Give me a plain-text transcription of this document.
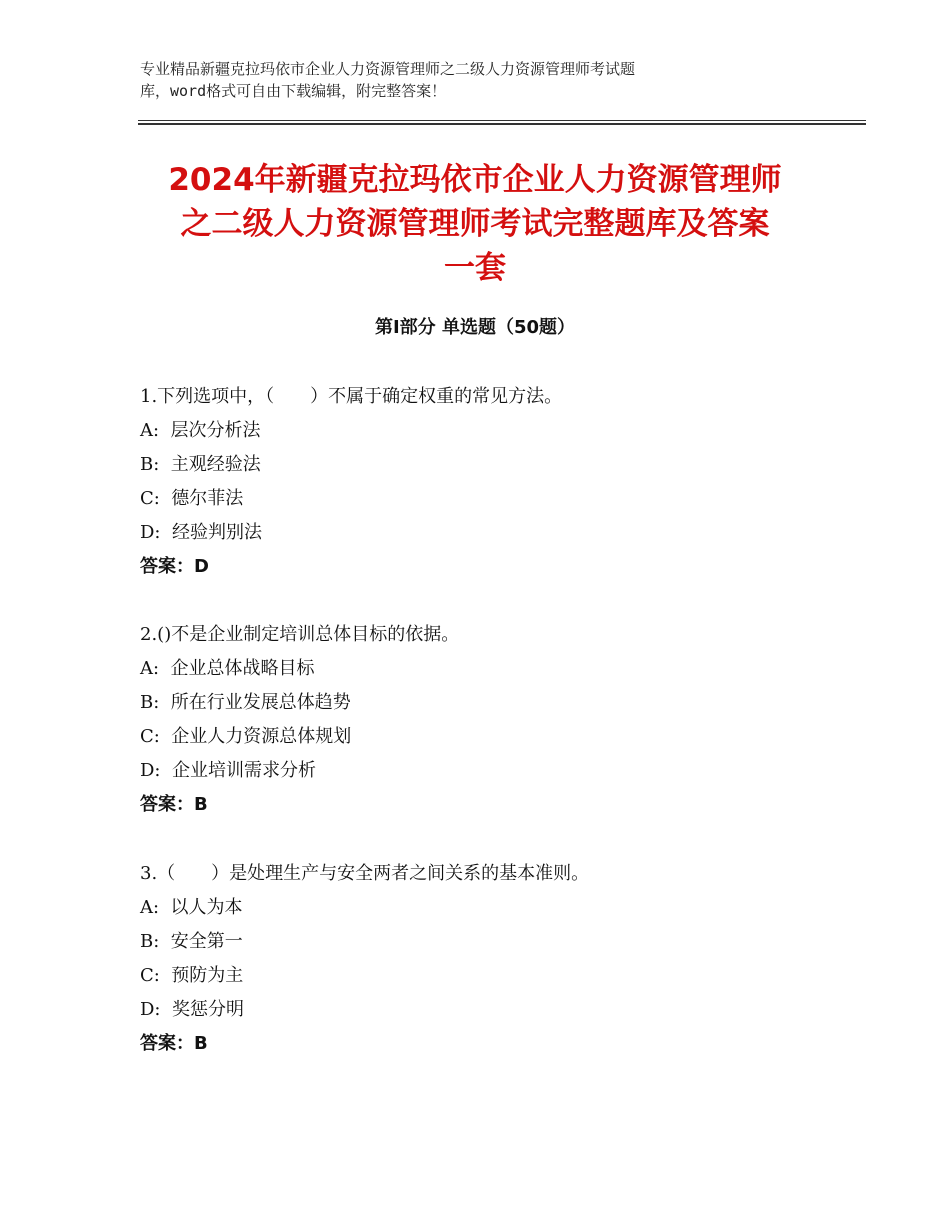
专业精品新疆克拉玛依市企业人力资源管理师之二级人力资源管理师考试题
库，word格式可自由下载编辑，附完整答案！
2024年新疆克拉玛依市企业人力资源管理师
之二级人力资源管理师考试完整题库及答案
一套
第Ⅰ部分 单选题（50题）
1.下列选项中，（　　）不属于确定权重的常见方法。
A:  层次分析法
B:  主观经验法
C:  德尔菲法
D:  经验判别法
答案：D
2.()不是企业制定培训总体目标的依据。
A:  企业总体战略目标
B:  所在行业发展总体趋势
C:  企业人力资源总体规划
D:  企业培训需求分析
答案：B
3.（　　）是处理生产与安全两者之间关系的基本准则。
A:  以人为本
B:  安全第一
C:  预防为主
D:  奖惩分明
答案：B
